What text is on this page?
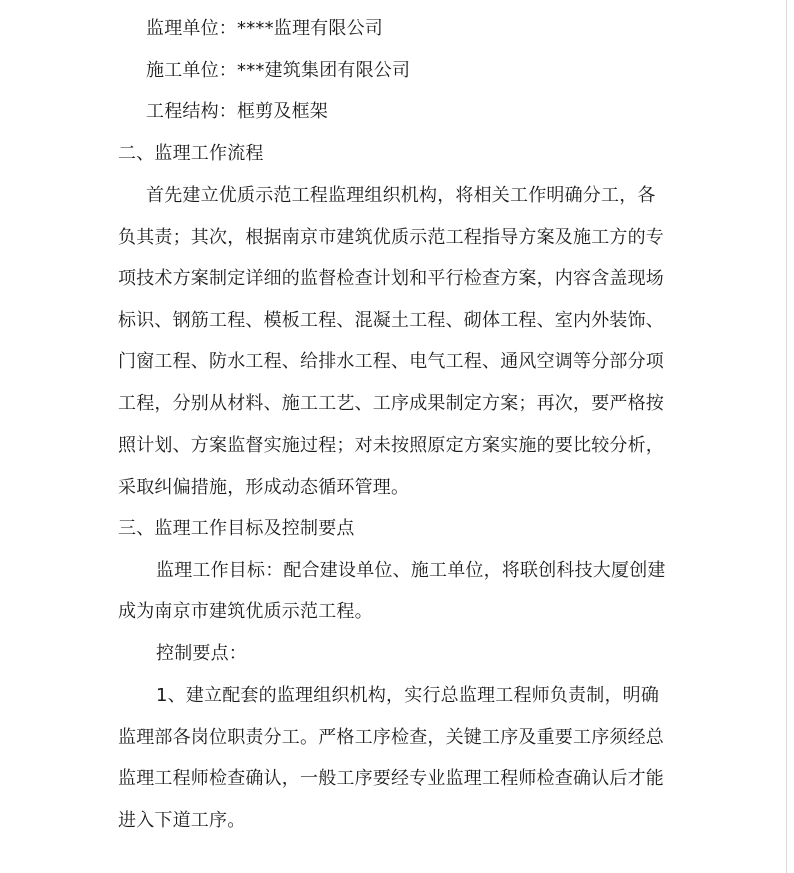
监理单位：****监理有限公司
施工单位：***建筑集团有限公司
工程结构：框剪及框架
二、监理工作流程
首先建立优质示范工程监理组织机构，将相关工作明确分工，各
负其责；其次，根据南京市建筑优质示范工程指导方案及施工方的专
项技术方案制定详细的监督检查计划和平行检查方案，内容含盖现场
标识、钢筋工程、模板工程、混凝土工程、砌体工程、室内外装饰、
门窗工程、防水工程、给排水工程、电气工程、通风空调等分部分项
工程，分别从材料、施工工艺、工序成果制定方案；再次，要严格按
照计划、方案监督实施过程；对未按照原定方案实施的要比较分析，
采取纠偏措施，形成动态循环管理。
三、监理工作目标及控制要点
监理工作目标：配合建设单位、施工单位，将联创科技大厦创建
成为南京市建筑优质示范工程。
控制要点：
1、建立配套的监理组织机构，实行总监理工程师负责制，明确
监理部各岗位职责分工。严格工序检查，关键工序及重要工序须经总
监理工程师检查确认，一般工序要经专业监理工程师检查确认后才能
进入下道工序。
